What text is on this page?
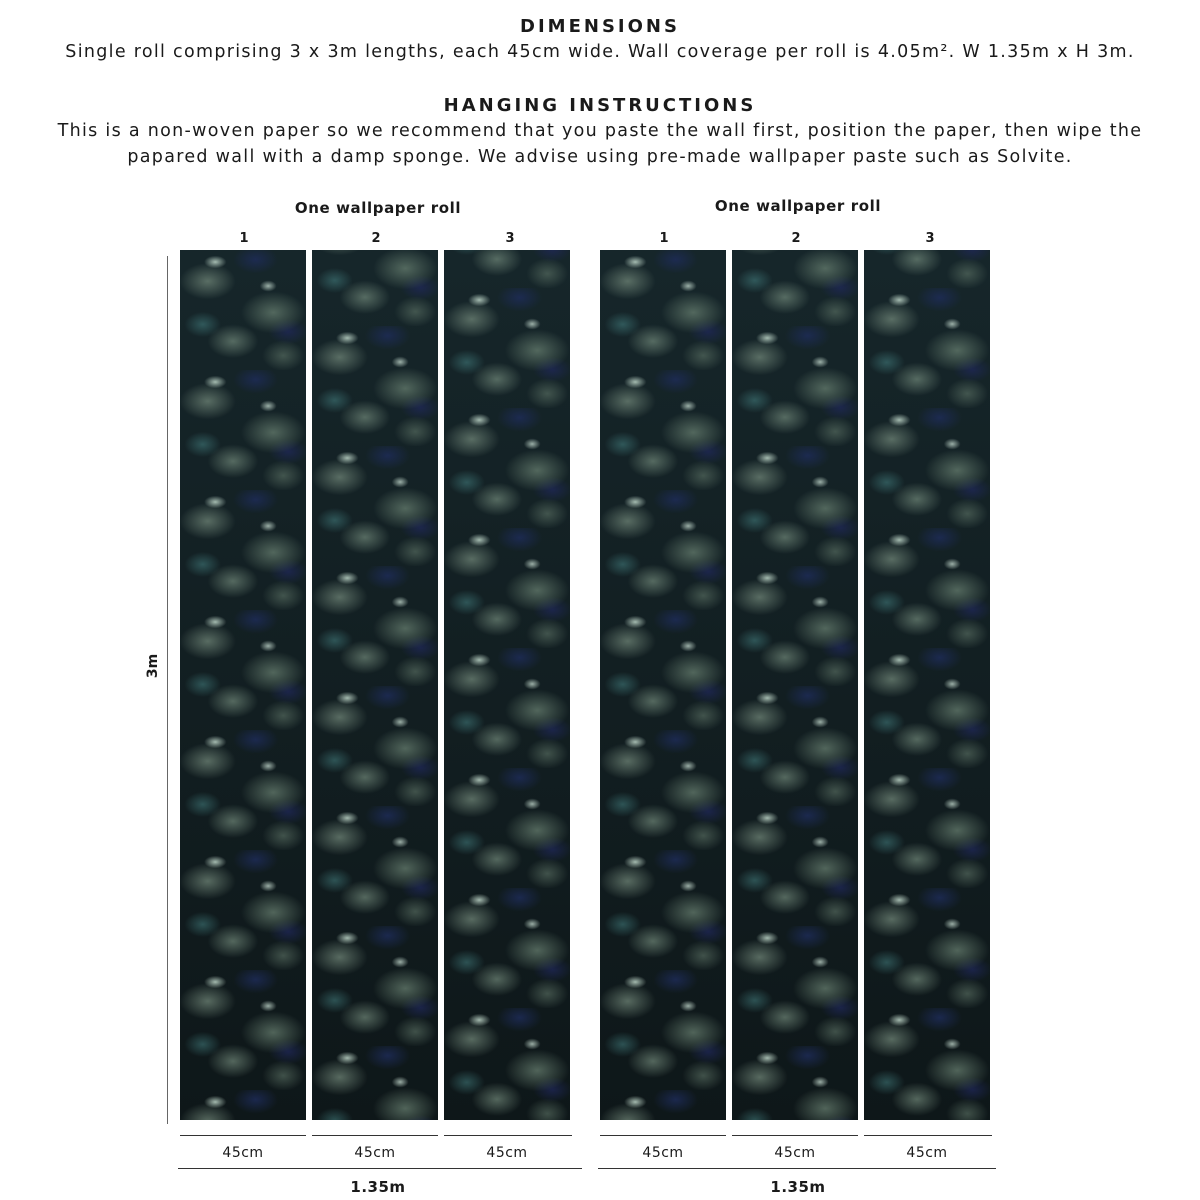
DIMENSIONS
Single roll comprising 3 x 3m lengths, each 45cm wide. Wall coverage per roll is 4.05m². W 1.35m x H 3m.
HANGING INSTRUCTIONS
This is a non-woven paper so we recommend that you paste the wall first, position the paper, then wipe the
papared wall with a damp sponge. We advise using pre-made wallpaper paste such as Solvite.
One wallpaper roll
1	2	3
One wallpaper roll
1	2	3
3m
45cm	45cm	45cm
1.35m
45cm	45cm	45cm
1.35m
